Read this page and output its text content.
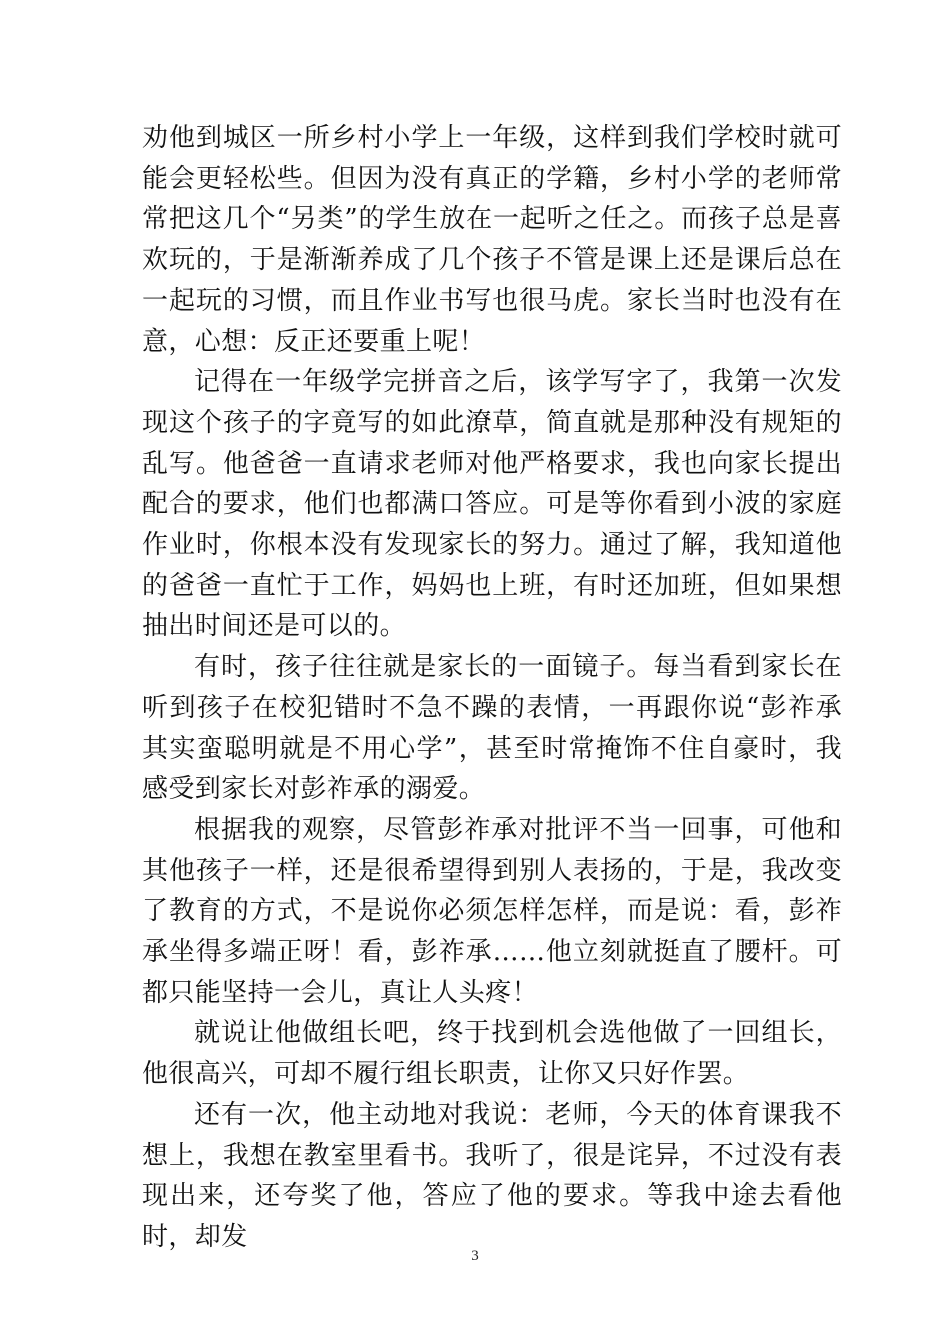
劝他到城区一所乡村小学上一年级，这样到我们学校时就可能会更轻松些。但因为没有真正的学籍，乡村小学的老师常常把这几个“另类”的学生放在一起听之任之。而孩子总是喜欢玩的，于是渐渐养成了几个孩子不管是课上还是课后总在一起玩的习惯，而且作业书写也很马虎。家长当时也没有在意，心想：反正还要重上呢！

记得在一年级学完拼音之后，该学写字了，我第一次发现这个孩子的字竟写的如此潦草，简直就是那种没有规矩的乱写。他爸爸一直请求老师对他严格要求，我也向家长提出配合的要求，他们也都满口答应。可是等你看到小波的家庭作业时，你根本没有发现家长的努力。通过了解，我知道他的爸爸一直忙于工作，妈妈也上班，有时还加班，但如果想抽出时间还是可以的。

有时，孩子往往就是家长的一面镜子。每当看到家长在听到孩子在校犯错时不急不躁的表情，一再跟你说“彭祚承其实蛮聪明就是不用心学”，甚至时常掩饰不住自豪时，我感受到家长对彭祚承的溺爱。

根据我的观察，尽管彭祚承对批评不当一回事，可他和其他孩子一样，还是很希望得到别人表扬的，于是，我改变了教育的方式，不是说你必须怎样怎样，而是说：看，彭祚承坐得多端正呀！看，彭祚承……他立刻就挺直了腰杆。可都只能坚持一会儿，真让人头疼！

就说让他做组长吧，终于找到机会选他做了一回组长，他很高兴，可却不履行组长职责，让你又只好作罢。

还有一次，他主动地对我说：老师，今天的体育课我不想上，我想在教室里看书。我听了，很是诧异，不过没有表现出来，还夸奖了他，答应了他的要求。等我中途去看他时，却发

3
